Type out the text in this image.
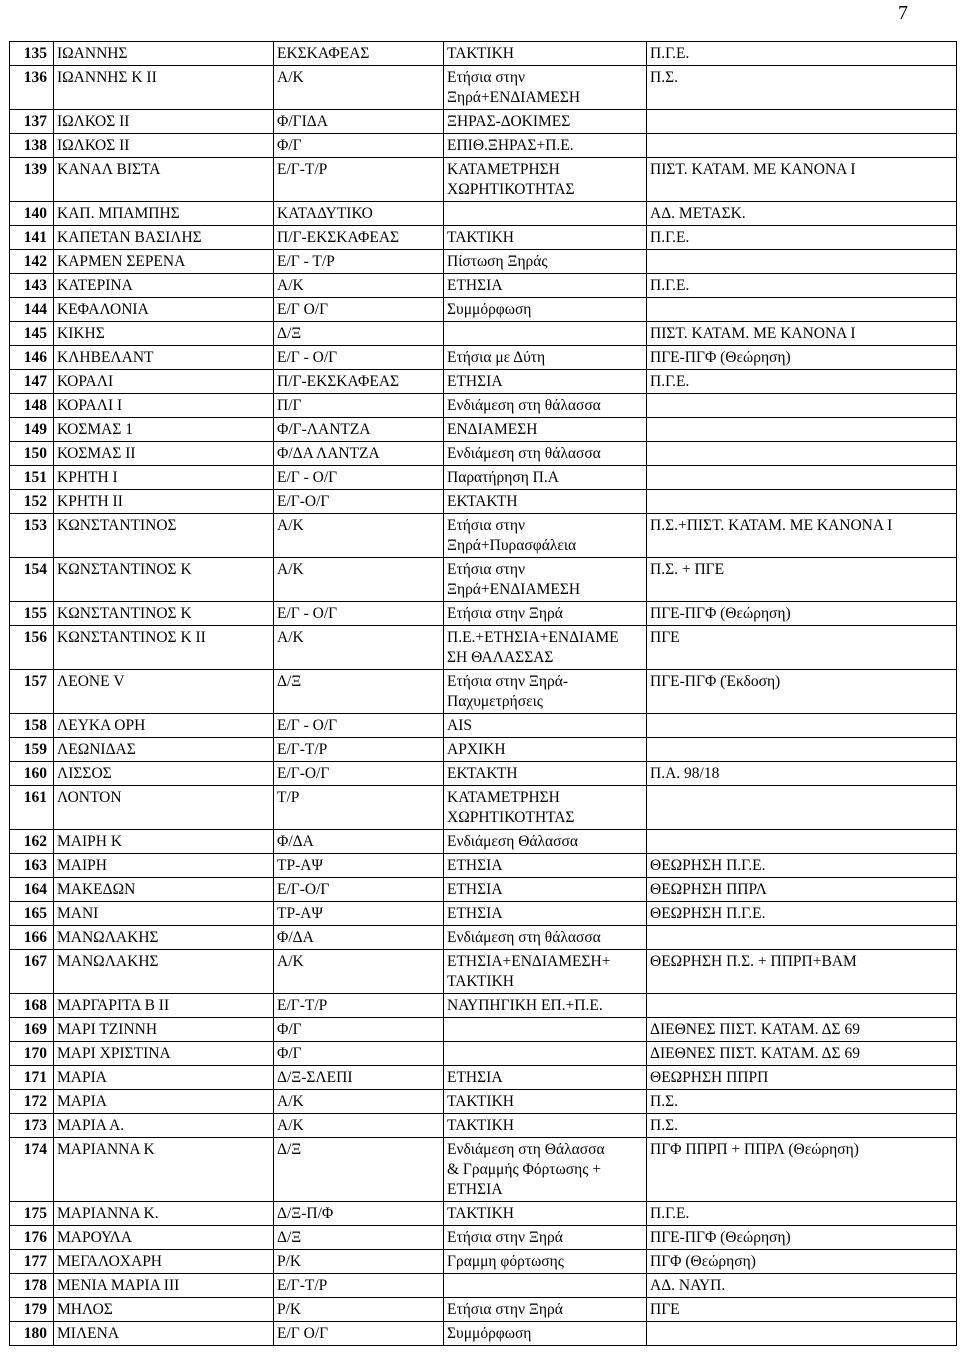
7
135	ΙΩΑΝΝΗΣ	ΕΚΣΚΑΦΕΑΣ	ΤΑΚΤΙΚΗ	Π.Γ.Ε.
136	ΙΩΑΝΝΗΣ Κ ΙΙ	Α/Κ	Ετήσια στην
Ξηρά+ΕΝΔΙΑΜΕΣΗ	Π.Σ.
137	ΙΩΛΚΟΣ ΙΙ	Φ/ΓΙΔΑ	ΞΗΡΑΣ-ΔΟΚΙΜΕΣ	
138	ΙΩΛΚΟΣ ΙΙ	Φ/Γ	ΕΠΙΘ.ΞΗΡΑΣ+Π.Ε.	
139	ΚΑΝΑΛ ΒΙΣΤΑ	Ε/Γ-Τ/Ρ	ΚΑΤΑΜΕΤΡΗΣΗ
ΧΩΡΗΤΙΚΟΤΗΤΑΣ	ΠΙΣΤ. ΚΑΤΑΜ. ΜΕ ΚΑΝΟΝΑ Ι
140	ΚΑΠ. ΜΠΑΜΠΗΣ	ΚΑΤΑΔΥΤΙΚΟ		ΑΔ. ΜΕΤΑΣΚ.
141	ΚΑΠΕΤΑΝ ΒΑΣΙΛΗΣ	Π/Γ-ΕΚΣΚΑΦΕΑΣ	ΤΑΚΤΙΚΗ	Π.Γ.Ε.
142	ΚΑΡΜΕΝ ΣΕΡΕΝΑ	Ε/Γ - Τ/Ρ	Πίστωση Ξηράς	
143	ΚΑΤΕΡΙΝΑ	Α/Κ	ΕΤΗΣΙΑ	Π.Γ.Ε.
144	ΚΕΦΑΛΟΝΙΑ	Ε/Γ Ο/Γ	Συμμόρφωση	
145	ΚΙΚΗΣ	Δ/Ξ		ΠΙΣΤ. ΚΑΤΑΜ. ΜΕ ΚΑΝΟΝΑ Ι
146	ΚΛΗΒΕΛΑΝΤ	Ε/Γ - Ο/Γ	Ετήσια με Δύτη	ΠΓΕ-ΠΓΦ (Θεώρηση)
147	ΚΟΡΑΛΙ	Π/Γ-ΕΚΣΚΑΦΕΑΣ	ΕΤΗΣΙΑ	Π.Γ.Ε.
148	ΚΟΡΑΛΙ Ι	Π/Γ	Ενδιάμεση στη θάλασσα	
149	ΚΟΣΜΑΣ 1	Φ/Γ-ΛΑΝΤΖΑ	ΕΝΔΙΑΜΕΣΗ	
150	ΚΟΣΜΑΣ ΙΙ	Φ/ΔΑ ΛΑΝΤΖΑ	Ενδιάμεση στη θάλασσα	
151	ΚΡΗΤΗ Ι	Ε/Γ - Ο/Γ	Παρατήρηση Π.Α	
152	ΚΡΗΤΗ ΙΙ	Ε/Γ-Ο/Γ	ΕΚΤΑΚΤΗ	
153	ΚΩΝΣΤΑΝΤΙΝΟΣ	Α/Κ	Ετήσια στην
Ξηρά+Πυρασφάλεια	Π.Σ.+ΠΙΣΤ. ΚΑΤΑΜ. ΜΕ ΚΑΝΟΝΑ Ι
154	ΚΩΝΣΤΑΝΤΙΝΟΣ Κ	Α/Κ	Ετήσια στην
Ξηρά+ΕΝΔΙΑΜΕΣΗ	Π.Σ. + ΠΓΕ
155	ΚΩΝΣΤΑΝΤΙΝΟΣ Κ	Ε/Γ - Ο/Γ	Ετήσια στην Ξηρά	ΠΓΕ-ΠΓΦ (Θεώρηση)
156	ΚΩΝΣΤΑΝΤΙΝΟΣ Κ ΙΙ	Α/Κ	Π.Ε.+ΕΤΗΣΙΑ+ΕΝΔΙΑΜΕ
ΣΗ ΘΑΛΑΣΣΑΣ	ΠΓΕ
157	ΛΕΟΝΕ V	Δ/Ξ	Ετήσια στην Ξηρά-
Παχυμετρήσεις	ΠΓΕ-ΠΓΦ (Έκδοση)
158	ΛΕΥΚΑ ΟΡΗ	Ε/Γ - Ο/Γ	AIS	
159	ΛΕΩΝΙΔΑΣ	Ε/Γ-Τ/Ρ	ΑΡΧΙΚΗ	
160	ΛΙΣΣΟΣ	Ε/Γ-Ο/Γ	ΕΚΤΑΚΤΗ	Π.Α. 98/18
161	ΛΟΝΤΟΝ	Τ/Ρ	ΚΑΤΑΜΕΤΡΗΣΗ
ΧΩΡΗΤΙΚΟΤΗΤΑΣ	
162	ΜΑΙΡΗ Κ	Φ/ΔΑ	Ενδιάμεση Θάλασσα	
163	ΜΑΙΡΗ	ΤΡ-ΑΨ	ΕΤΗΣΙΑ	ΘΕΩΡΗΣΗ Π.Γ.Ε.
164	ΜΑΚΕΔΩΝ	Ε/Γ-Ο/Γ	ΕΤΗΣΙΑ	ΘΕΩΡΗΣΗ ΠΠΡΛ
165	ΜΑΝΙ	ΤΡ-ΑΨ	ΕΤΗΣΙΑ	ΘΕΩΡΗΣΗ Π.Γ.Ε.
166	ΜΑΝΩΛΑΚΗΣ	Φ/ΔΑ	Ενδιάμεση στη θάλασσα	
167	ΜΑΝΩΛΑΚΗΣ	Α/Κ	ΕΤΗΣΙΑ+ΕΝΔΙΑΜΕΣΗ+
ΤΑΚΤΙΚΗ	ΘΕΩΡΗΣΗ Π.Σ. + ΠΠΡΠ+ΒΑΜ
168	ΜΑΡΓΑΡΙΤΑ Β ΙΙ	Ε/Γ-Τ/Ρ	ΝΑΥΠΗΓΙΚΗ ΕΠ.+Π.Ε.	
169	ΜΑΡΙ ΤΖΙΝΝΗ	Φ/Γ		ΔΙΕΘΝΕΣ ΠΙΣΤ. ΚΑΤΑΜ. ΔΣ 69
170	ΜΑΡΙ ΧΡΙΣΤΙΝΑ	Φ/Γ		ΔΙΕΘΝΕΣ ΠΙΣΤ. ΚΑΤΑΜ. ΔΣ 69
171	ΜΑΡΙΑ	Δ/Ξ-ΣΛΕΠΙ	ΕΤΗΣΙΑ	ΘΕΩΡΗΣΗ ΠΠΡΠ
172	ΜΑΡΙΑ	Α/Κ	ΤΑΚΤΙΚΗ	Π.Σ.
173	ΜΑΡΙΑ Α.	Α/Κ	ΤΑΚΤΙΚΗ	Π.Σ.
174	ΜΑΡΙΑΝΝΑ Κ	Δ/Ξ	Ενδιάμεση στη Θάλασσα
& Γραμμής Φόρτωσης +
ΕΤΗΣΙΑ	ΠΓΦ ΠΠΡΠ + ΠΠΡΛ (Θεώρηση)
175	ΜΑΡΙΑΝΝΑ Κ.	Δ/Ξ-Π/Φ	ΤΑΚΤΙΚΗ	Π.Γ.Ε.
176	ΜΑΡΟΥΛΑ	Δ/Ξ	Ετήσια στην Ξηρά	ΠΓΕ-ΠΓΦ (Θεώρηση)
177	ΜΕΓΑΛΟΧΑΡΗ	Ρ/Κ	Γραμμη φόρτωσης	ΠΓΦ (Θεώρηση)
178	ΜΕΝΙΑ ΜΑΡΙΑ ΙΙΙ	Ε/Γ-Τ/Ρ		ΑΔ. ΝΑΥΠ.
179	ΜΗΛΟΣ	Ρ/Κ	Ετήσια στην Ξηρά	ΠΓΕ
180	ΜΙΛΕΝΑ	Ε/Γ Ο/Γ	Συμμόρφωση	
